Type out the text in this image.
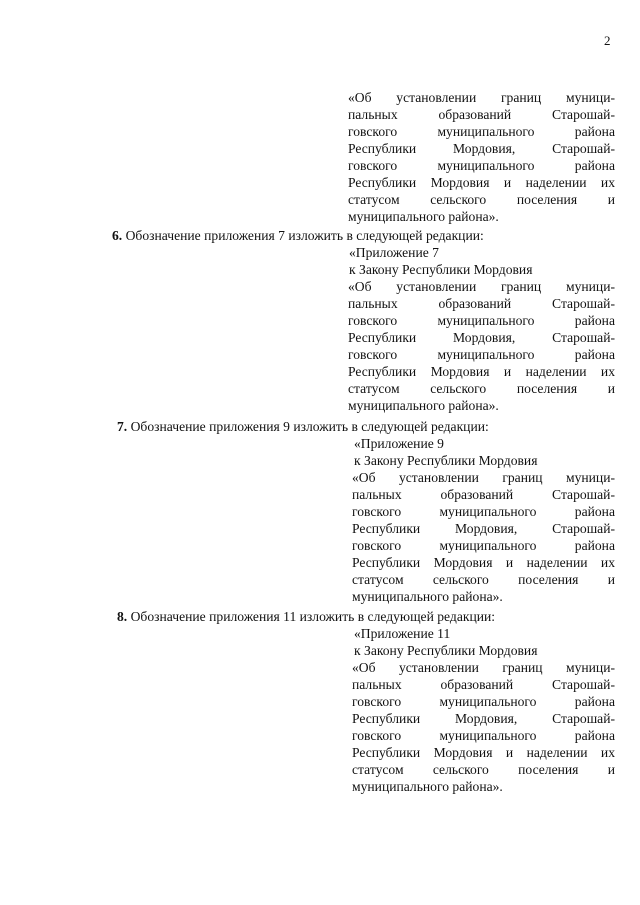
2
«Об установлении границ муници-
пальных образований Старошай-
говского муниципального района
Республики Мордовия, Старошай-
говского муниципального района
Республики Мордовия и наделении их
статусом сельского поселения и
муниципального района».
6. Обозначение приложения 7 изложить в следующей редакции:
«Приложение 7
к Закону Республики Мордовия
«Об установлении границ муници-
пальных образований Старошай-
говского муниципального района
Республики Мордовия, Старошай-
говского муниципального района
Республики Мордовия и наделении их
статусом сельского поселения и
муниципального района».
7. Обозначение приложения 9 изложить в следующей редакции:
«Приложение 9
к Закону Республики Мордовия
«Об установлении границ муници-
пальных образований Старошай-
говского муниципального района
Республики Мордовия, Старошай-
говского муниципального района
Республики Мордовия и наделении их
статусом сельского поселения и
муниципального района».
8. Обозначение приложения 11 изложить в следующей редакции:
«Приложение 11
к Закону Республики Мордовия
«Об установлении границ муници-
пальных образований Старошай-
говского муниципального района
Республики Мордовия, Старошай-
говского муниципального района
Республики Мордовия и наделении их
статусом сельского поселения и
муниципального района».
